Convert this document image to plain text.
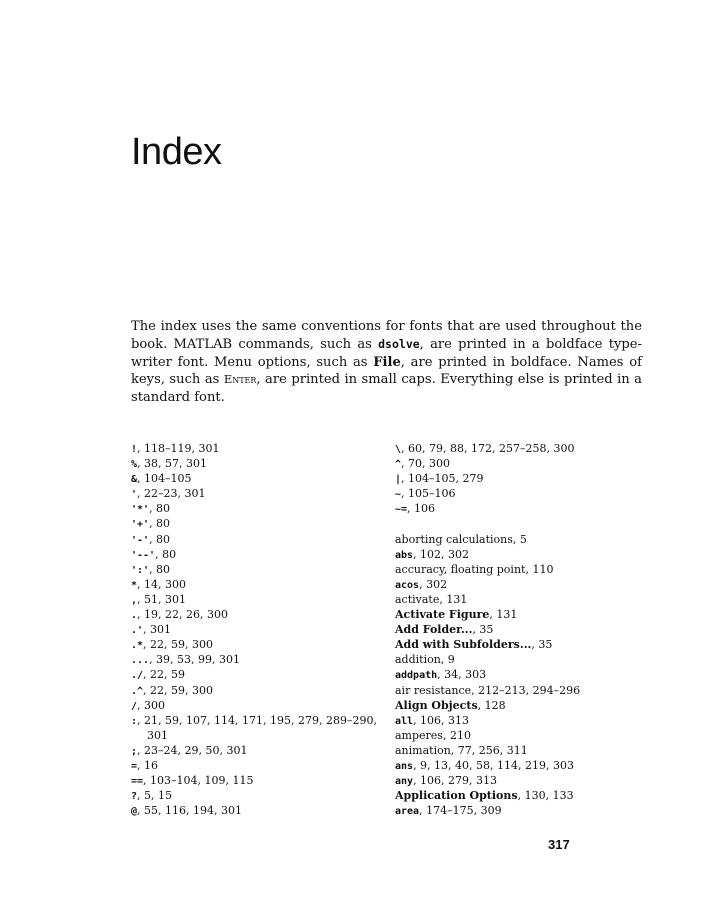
Index

The index uses the same conventions for fonts that are used throughout the book. MATLAB commands, such as dsolve, are printed in a boldface type-writer font. Menu options, such as File, are printed in boldface. Names of keys, such as Enter, are printed in small caps. Everything else is printed in a standard font.

!, 118–119, 301
%, 38, 57, 301
&, 104–105
', 22–23, 301
'*', 80
'+', 80
'-', 80
'--', 80
':', 80
*, 14, 300
,, 51, 301
., 19, 22, 26, 300
.', 301
.*, 22, 59, 300
..., 39, 53, 99, 301
./, 22, 59
.^, 22, 59, 300
/, 300
:, 21, 59, 107, 114, 171, 195, 279, 289–290,
301
;, 23–24, 29, 50, 301
=, 16
==, 103–104, 109, 115
?, 5, 15
@, 55, 116, 194, 301
\, 60, 79, 88, 172, 257–258, 300
^, 70, 300
|, 104–105, 279
~, 105–106
~=, 106
aborting calculations, 5
abs, 102, 302
accuracy, floating point, 110
acos, 302
activate, 131
Activate Figure, 131
Add Folder..., 35
Add with Subfolders..., 35
addition, 9
addpath, 34, 303
air resistance, 212–213, 294–296
Align Objects, 128
all, 106, 313
amperes, 210
animation, 77, 256, 311
ans, 9, 13, 40, 58, 114, 219, 303
any, 106, 279, 313
Application Options, 130, 133
area, 174–175, 309
317
